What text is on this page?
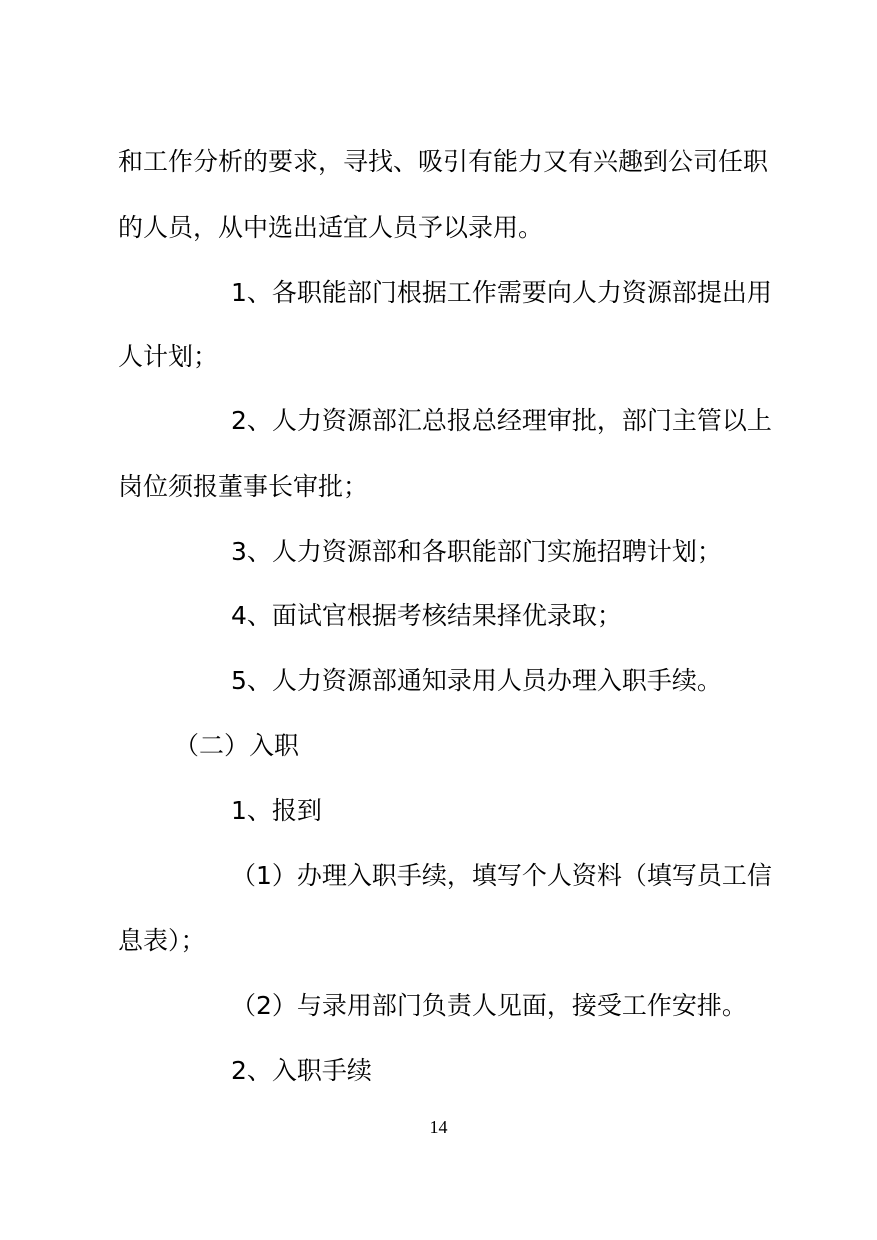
和工作分析的要求，寻找、吸引有能力又有兴趣到公司任职
的人员，从中选出适宜人员予以录用。
1、各职能部门根据工作需要向人力资源部提出用
人计划；
2、人力资源部汇总报总经理审批，部门主管以上
岗位须报董事长审批；
3、人力资源部和各职能部门实施招聘计划；
4、面试官根据考核结果择优录取；
5、人力资源部通知录用人员办理入职手续。
（二）入职
1、报到
（1）办理入职手续，填写个人资料（填写员工信
息表）；
（2）与录用部门负责人见面，接受工作安排。
2、入职手续
14
